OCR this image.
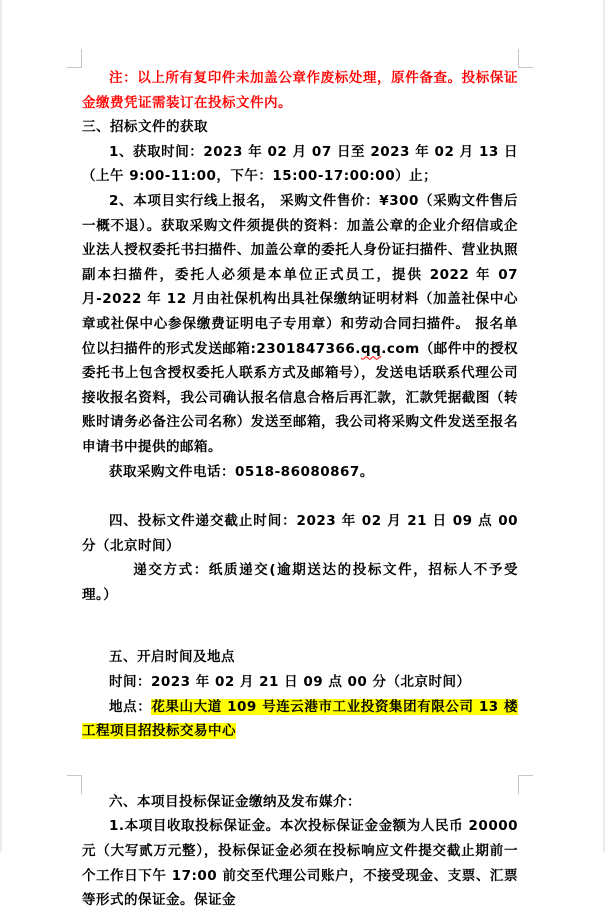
注：以上所有复印件未加盖公章作废标处理，原件备查。投标保证金缴费凭证需装订在投标文件内。
三、招标文件的获取
1、获取时间：2023 年 02 月 07 日至 2023 年 02 月 13 日（上午 9:00-11:00，下午：15:00-17:00:00）止；
2、本项目实行线上报名， 采购文件售价：¥300（采购文件售后一概不退）。获取采购文件须提供的资料：加盖公章的企业介绍信或企业法人授权委托书扫描件、加盖公章的委托人身份证扫描件、营业执照副本扫描件，委托人必须是本单位正式员工，提供 2022 年 07 月-2022 年 12 月由社保机构出具社保缴纳证明材料（加盖社保中心章或社保中心参保缴费证明电子专用章）和劳动合同扫描件。 报名单位以扫描件的形式发送邮箱:2301847366.qq.com（邮件中的授权委托书上包含授权委托人联系方式及邮箱号），发送电话联系代理公司接收报名资料，我公司确认报名信息合格后再汇款，汇款凭据截图（转账时请务必备注公司名称）发送至邮箱，我公司将采购文件发送至报名申请书中提供的邮箱。
获取采购文件电话：0518-86080867。
四、投标文件递交截止时间：2023 年 02 月 21 日 09 点 00 分（北京时间）
递交方式：纸质递交(逾期送达的投标文件，招标人不予受理。）
五、开启时间及地点
时间：2023 年 02 月 21 日 09 点 00 分（北京时间）
地点：花果山大道 109 号连云港市工业投资集团有限公司 13 楼工程项目招投标交易中心
六、本项目投标保证金缴纳及发布媒介：
1.本项目收取投标保证金。本次投标保证金金额为人民币 20000 元（大写贰万元整），投标保证金必须在投标响应文件提交截止期前一个工作日下午 17:00 前交至代理公司账户，不接受现金、支票、汇票等形式的保证金。保证金
